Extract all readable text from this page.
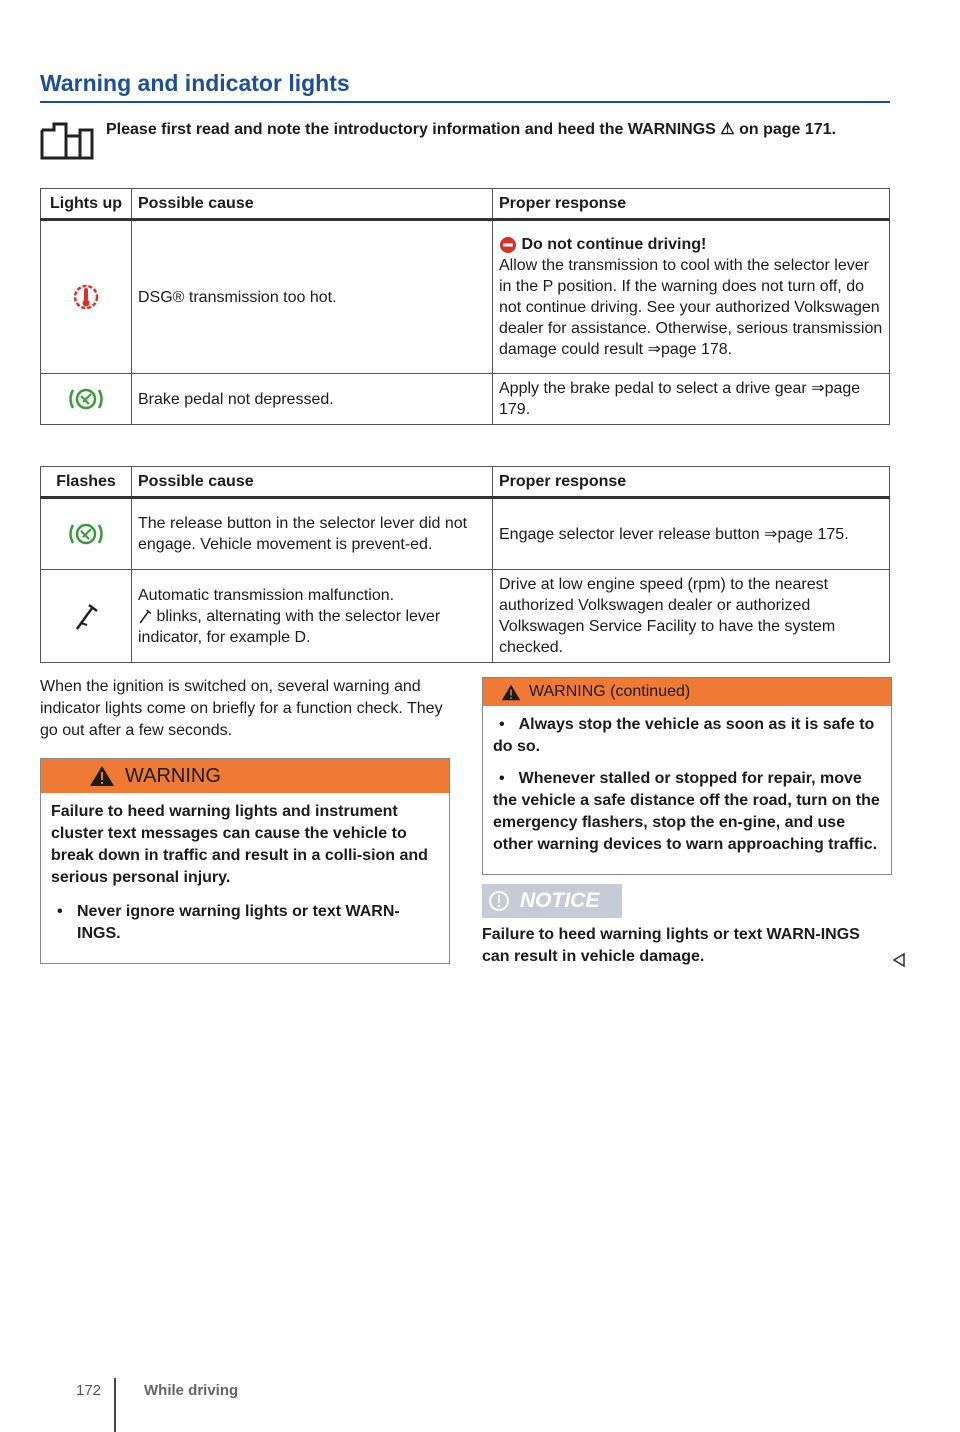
Warning and indicator lights
Please first read and note the introductory information and heed the WARNINGS ⚠ on page 171.
Lights up	Possible cause	Proper response
	DSG® transmission too hot.	Do not continue driving!
Allow the transmission to cool with the selector lever in the P position. If the warning does not turn off, do not continue driving. See your authorized Volkswagen dealer for assistance. Otherwise, serious transmission damage could result ⇒page 178.

	Brake pedal not depressed.	Apply the brake pedal to select a drive gear ⇒page 179.
Flashes	Possible cause	Proper response
	The release button in the selector lever did not engage. Vehicle movement is prevent-ed.	Engage selector lever release button ⇒page 175.

Automatic transmission malfunction.
blinks, alternating with the selector lever indicator, for example D.	Drive at low engine speed (rpm) to the nearest authorized Volkswagen dealer or authorized Volkswagen Service Facility to have the system checked.
When the ignition is switched on, several warning and indicator lights come on briefly for a function check. They go out after a few seconds.
WARNING

Failure to heed warning lights and instrument cluster text messages can cause the vehicle to break down in traffic and result in a colli-sion and serious personal injury.

• Never ignore warning lights or text WARN-INGS.
WARNING (continued)
• Always stop the vehicle as soon as it is safe to do so.
• Whenever stalled or stopped for repair, move the vehicle a safe distance off the road, turn on the emergency flashers, stop the en-gine, and use other warning devices to warn approaching traffic.
NOTICE
Failure to heed warning lights or text WARN-INGS can result in vehicle damage.
172	While driving
